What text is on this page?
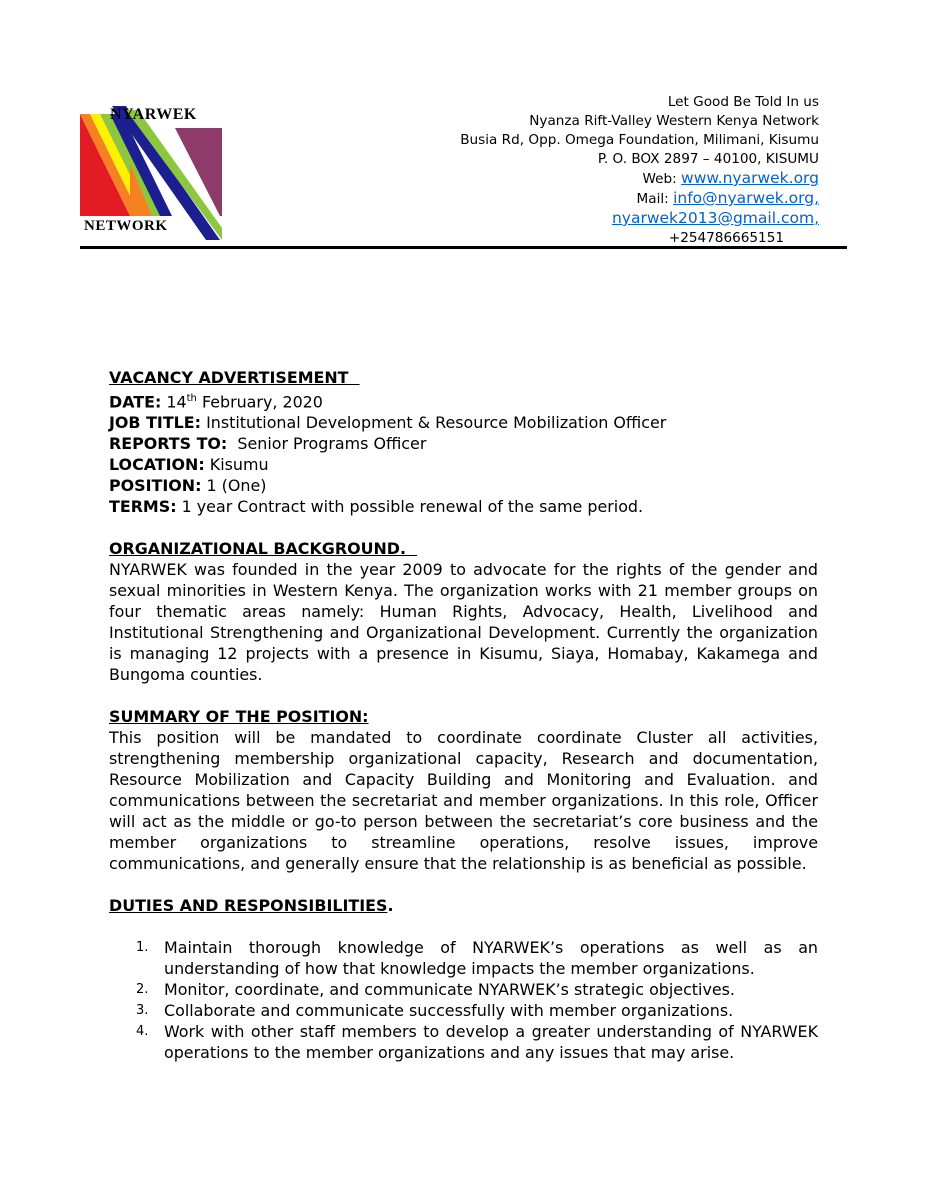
NYARWEK
NETWORK
Let Good Be Told In us
Nyanza Rift-Valley Western Kenya Network
Busia Rd, Opp. Omega Foundation, Milimani, Kisumu
P. O. BOX 2897 – 40100, KISUMU
Web: www.nyarwek.org
Mail: info@nyarwek.org,
nyarwek2013@gmail.com,
+254786665151

VACANCY ADVERTISEMENT

DATE: 14th February, 2020

JOB TITLE: Institutional Development & Resource Mobilization Officer

REPORTS TO: Senior Programs Officer

LOCATION: Kisumu

POSITION: 1 (One)

TERMS: 1 year Contract with possible renewal of the same period.

ORGANIZATIONAL BACKGROUND.

NYARWEK was founded in the year 2009 to advocate for the rights of the gender and sexual minorities in Western Kenya. The organization works with 21 member groups on four thematic areas namely: Human Rights, Advocacy, Health, Livelihood and Institutional Strengthening and Organizational Development. Currently the organization is managing 12 projects with a presence in Kisumu, Siaya, Homabay, Kakamega and Bungoma counties.

SUMMARY OF THE POSITION:

This position will be mandated to coordinate coordinate Cluster all activities, strengthening membership organizational capacity, Research and documentation, Resource Mobilization and Capacity Building and Monitoring and Evaluation. and communications between the secretariat and member organizations. In this role, Officer will act as the middle or go-to person between the secretariat’s core business and the member organizations to streamline operations, resolve issues, improve communications, and generally ensure that the relationship is as beneficial as possible.

DUTIES AND RESPONSIBILITIES.

1. Maintain thorough knowledge of NYARWEK’s operations as well as an understanding of how that knowledge impacts the member organizations.
2. Monitor, coordinate, and communicate NYARWEK’s strategic objectives.
3. Collaborate and communicate successfully with member organizations.
4. Work with other staff members to develop a greater understanding of NYARWEK operations to the member organizations and any issues that may arise.
